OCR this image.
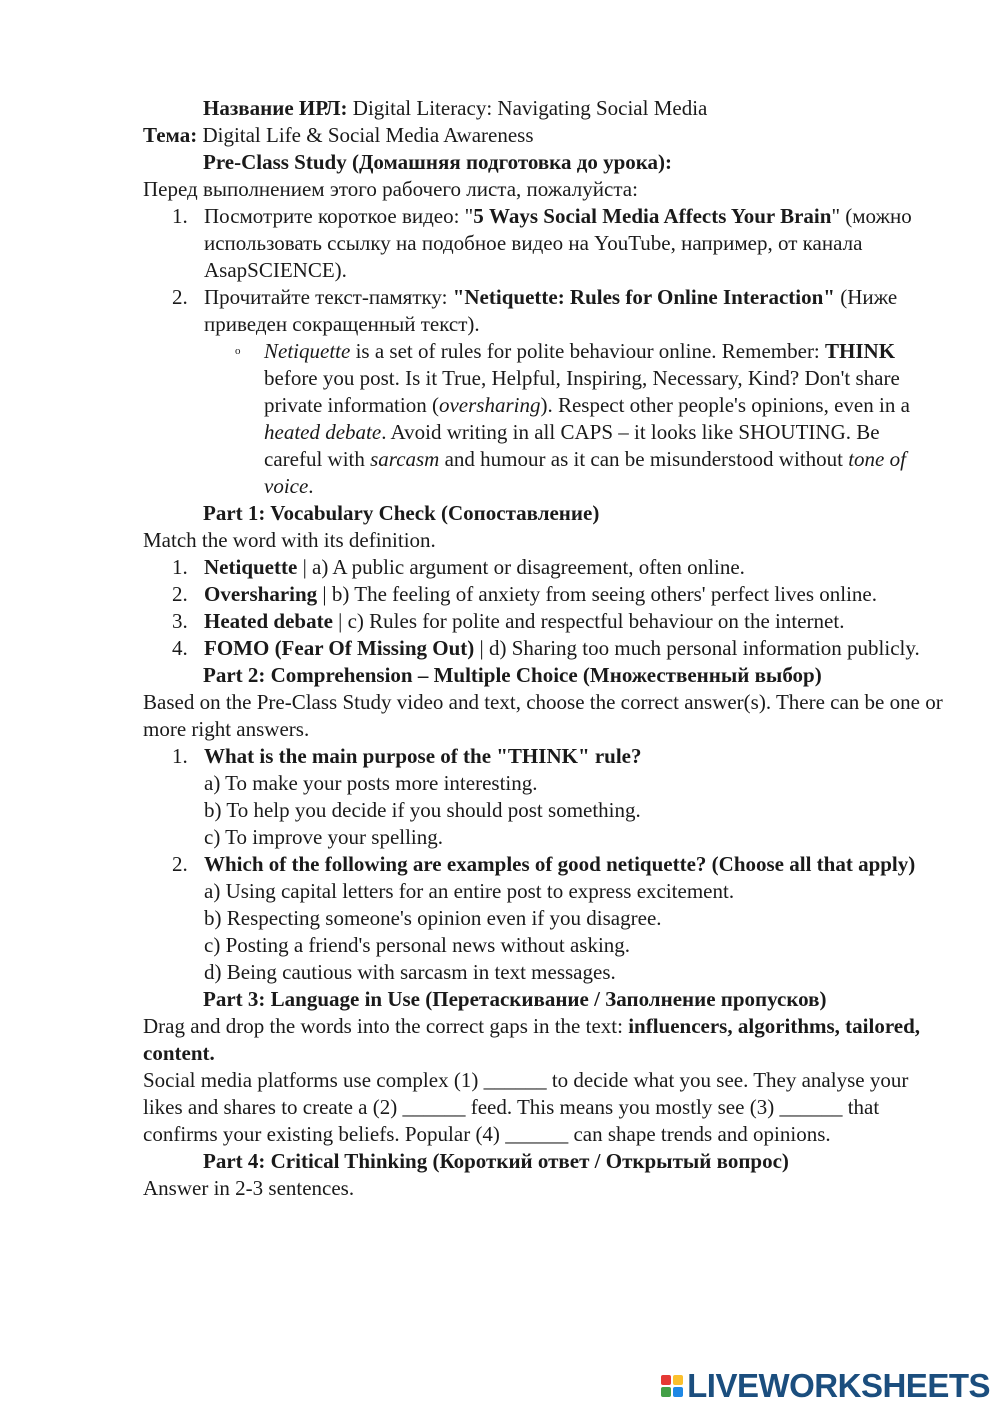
Название ИРЛ: Digital Literacy: Navigating Social Media

Тема: Digital Life & Social Media Awareness

Pre-Class Study (Домашняя подготовка до урока):

Перед выполнением этого рабочего листа, пожалуйста:

1. Посмотрите короткое видео: "5 Ways Social Media Affects Your Brain" (можно использовать ссылку на подобное видео на YouTube, например, от канала AsapSCIENCE).
2. Прочитайте текст-памятку: "Netiquette: Rules for Online Interaction" (Ниже приведен сокращенный текст).
o Netiquette is a set of rules for polite behaviour online. Remember: THINK before you post. Is it True, Helpful, Inspiring, Necessary, Kind? Don't share private information (oversharing). Respect other people's opinions, even in a heated debate. Avoid writing in all CAPS – it looks like SHOUTING. Be careful with sarcasm and humour as it can be misunderstood without tone of voice.

Part 1: Vocabulary Check (Сопоставление)

Match the word with its definition.

1. Netiquette | a) A public argument or disagreement, often online.
2. Oversharing | b) The feeling of anxiety from seeing others' perfect lives online.
3. Heated debate | c) Rules for polite and respectful behaviour on the internet.
4. FOMO (Fear Of Missing Out) | d) Sharing too much personal information publicly.

Part 2: Comprehension – Multiple Choice (Множественный выбор)

Based on the Pre-Class Study video and text, choose the correct answer(s). There can be one or more right answers.

1. What is the main purpose of the "THINK" rule?
a) To make your posts more interesting.
b) To help you decide if you should post something.
c) To improve your spelling.
2. Which of the following are examples of good netiquette? (Choose all that apply)
a) Using capital letters for an entire post to express excitement.
b) Respecting someone's opinion even if you disagree.
c) Posting a friend's personal news without asking.
d) Being cautious with sarcasm in text messages.

Part 3: Language in Use (Перетаскивание / Заполнение пропусков)

Drag and drop the words into the correct gaps in the text: influencers, algorithms, tailored, content.

Social media platforms use complex (1) ______ to decide what you see. They analyse your likes and shares to create a (2) ______ feed. This means you mostly see (3) ______ that confirms your existing beliefs. Popular (4) ______ can shape trends and opinions.

Part 4: Critical Thinking (Короткий ответ / Открытый вопрос)

Answer in 2-3 sentences.

LIVEWORKSHEETS
